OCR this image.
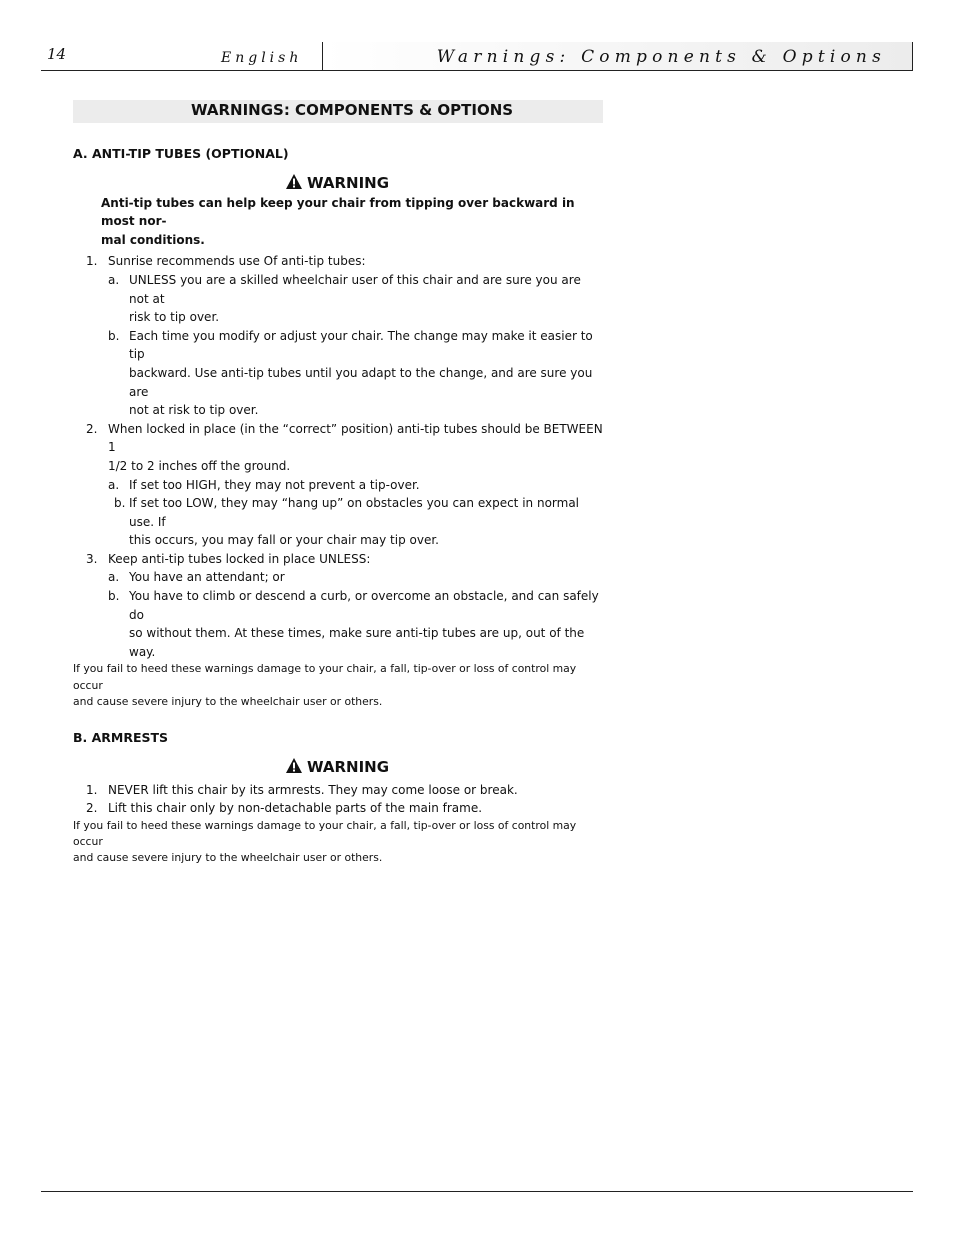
14	English	Warnings: Components & Options
WARNINGS: COMPONENTS & OPTIONS
A. ANTI-TIP TUBES (OPTIONAL)
WARNING
Anti-tip tubes can help keep your chair from tipping over backward in most nor-
mal conditions.
1. Sunrise recommends use Of anti-tip tubes:
a. UNLESS you are a skilled wheelchair user of this chair and are sure you are not at
risk to tip over.
b. Each time you modify or adjust your chair. The change may make it easier to tip
backward. Use anti-tip tubes until you adapt to the change, and are sure you are
not at risk to tip over.
2. When locked in place (in the “correct” position) anti-tip tubes should be BETWEEN 1
1/2 to 2 inches off the ground.
a. If set too HIGH, they may not prevent a tip-over.
b. If set too LOW, they may “hang up” on obstacles you can expect in normal use. If
this occurs, you may fall or your chair may tip over.
3. Keep anti-tip tubes locked in place UNLESS:
a. You have an attendant; or
b. You have to climb or descend a curb, or overcome an obstacle, and can safely do
so without them. At these times, make sure anti-tip tubes are up, out of the way.
If you fail to heed these warnings damage to your chair, a fall, tip-over or loss of control may occur
and cause severe injury to the wheelchair user or others.
B. ARMRESTS
WARNING
1. NEVER lift this chair by its armrests. They may come loose or break.
2. Lift this chair only by non-detachable parts of the main frame.
If you fail to heed these warnings damage to your chair, a fall, tip-over or loss of control may occur
and cause severe injury to the wheelchair user or others.
